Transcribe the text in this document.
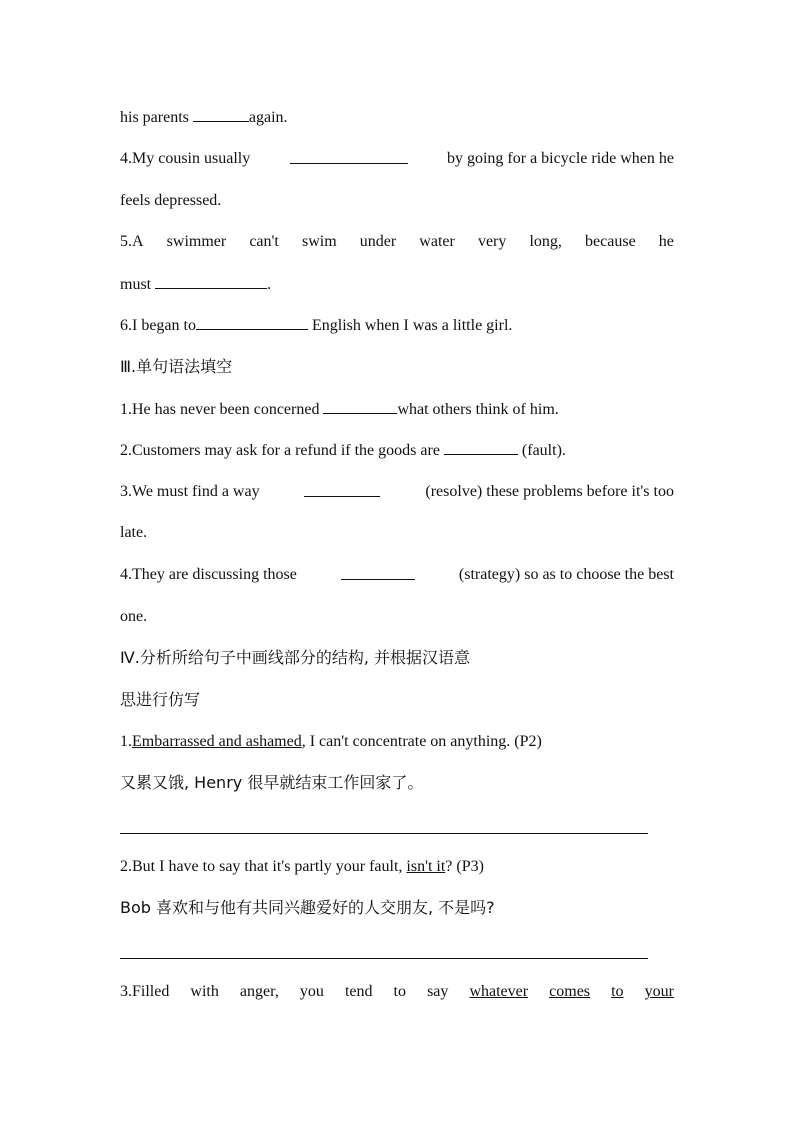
his parents	again.
4.My cousin usually	by going for a bicycle ride when he
feels depressed.
5.A swimmer can't swim under water very long, because he
must	.
6.I began to	English when I was a little girl.
Ⅲ.单句语法填空
1.He has never been concerned	what others think of him.
2.Customers may ask for a refund if the goods are	(fault).
3.We must find a way	(resolve) these problems before it's too
late.
4.They are discussing those	(strategy) so as to choose the best
one.
Ⅳ.分析所给句子中画线部分的结构, 并根据汉语意
思进行仿写
1.Embarrassed and ashamed, I can't concentrate on anything. (P2)
又累又饿, Henry 很早就结束工作回家了。
2.But I have to say that it's partly your fault, isn't it? (P3)
Bob 喜欢和与他有共同兴趣爱好的人交朋友, 不是吗?
3.Filled with anger, you tend to say whatever comes to your
